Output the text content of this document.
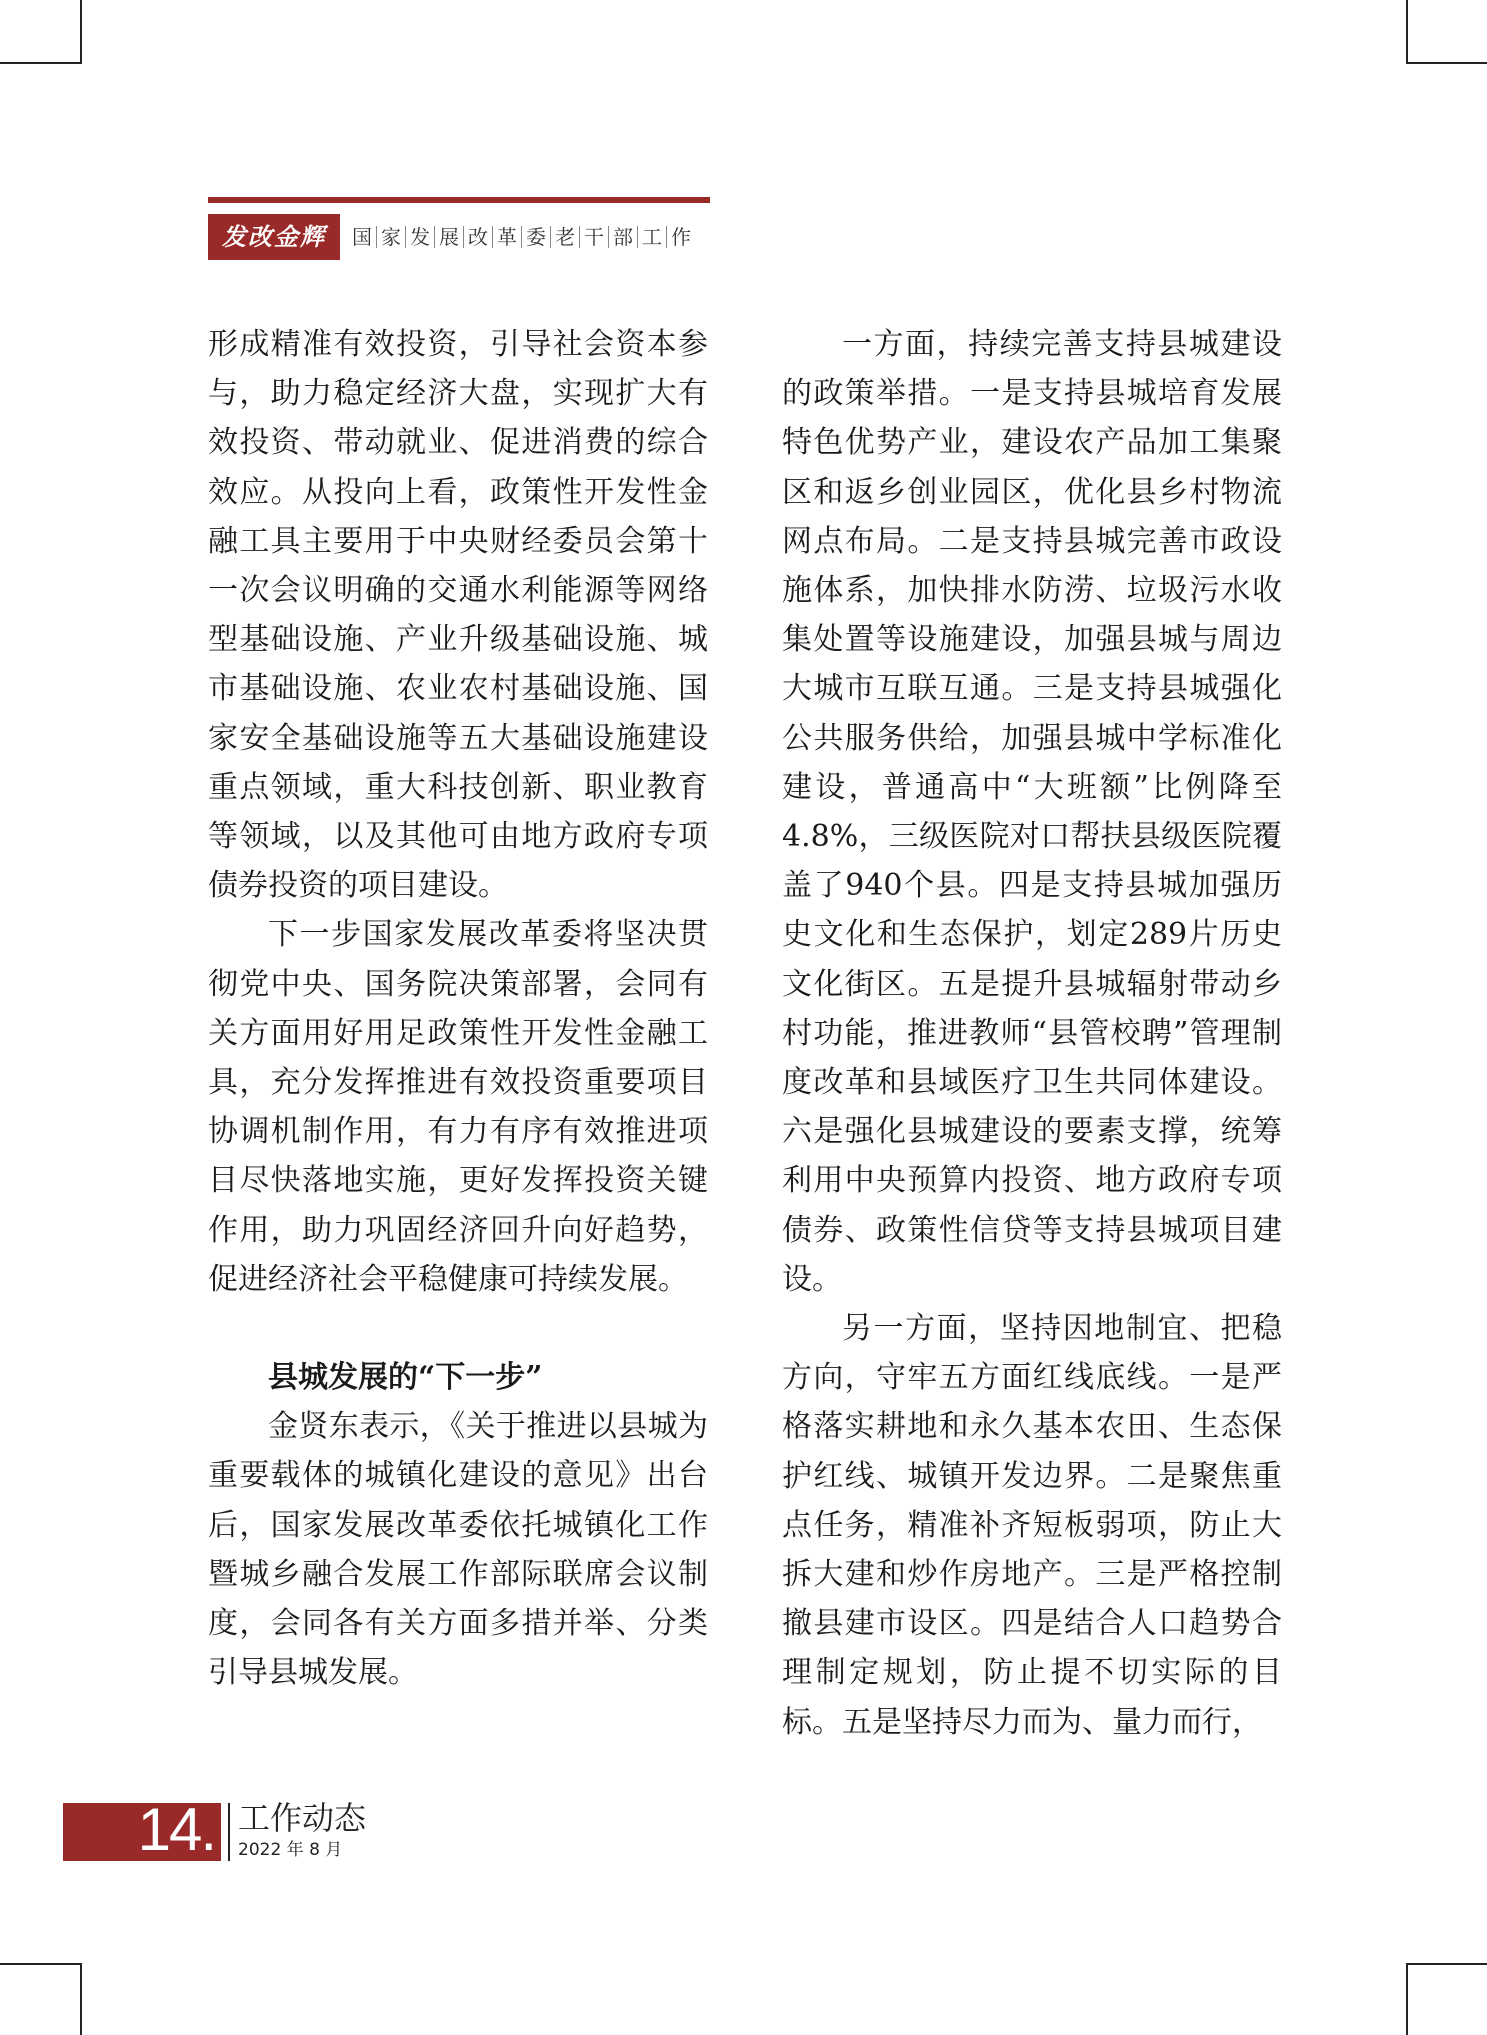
发改金辉	国 家 发 展 改 革 委 老 干 部 工 作

形成精准有效投资，引导社会资本参与，助力稳定经济大盘，实现扩大有效投资、带动就业、促进消费的综合效应。从投向上看，政策性开发性金融工具主要用于中央财经委员会第十一次会议明确的交通水利能源等网络型基础设施、产业升级基础设施、城市基础设施、农业农村基础设施、国家安全基础设施等五大基础设施建设重点领域，重大科技创新、职业教育等领域，以及其他可由地方政府专项债券投资的项目建设。

下一步国家发展改革委将坚决贯彻党中央、国务院决策部署，会同有关方面用好用足政策性开发性金融工具，充分发挥推进有效投资重要项目协调机制作用，有力有序有效推进项目尽快落地实施，更好发挥投资关键作用，助力巩固经济回升向好趋势，促进经济社会平稳健康可持续发展。

县城发展的“下一步”

金贤东表示，《关于推进以县城为重要载体的城镇化建设的意见》出台后，国家发展改革委依托城镇化工作暨城乡融合发展工作部际联席会议制度，会同各有关方面多措并举、分类引导县城发展。

一方面，持续完善支持县城建设的政策举措。一是支持县城培育发展特色优势产业，建设农产品加工集聚区和返乡创业园区，优化县乡村物流网点布局。二是支持县城完善市政设施体系，加快排水防涝、垃圾污水收集处置等设施建设，加强县城与周边大城市互联互通。三是支持县城强化公共服务供给，加强县城中学标准化建设，普通高中“大班额”比例降至4.8%，三级医院对口帮扶县级医院覆盖了940个县。四是支持县城加强历史文化和生态保护，划定289片历史文化街区。五是提升县城辐射带动乡村功能，推进教师“县管校聘”管理制度改革和县域医疗卫生共同体建设。六是强化县城建设的要素支撑，统筹利用中央预算内投资、地方政府专项债券、政策性信贷等支持县城项目建设。

另一方面，坚持因地制宜、把稳方向，守牢五方面红线底线。一是严格落实耕地和永久基本农田、生态保护红线、城镇开发边界。二是聚焦重点任务，精准补齐短板弱项，防止大拆大建和炒作房地产。三是严格控制撤县建市设区。四是结合人口趋势合理制定规划，防止提不切实际的目标。五是坚持尽力而为、量力而行，

14. 工作动态
2022 年 8 月
